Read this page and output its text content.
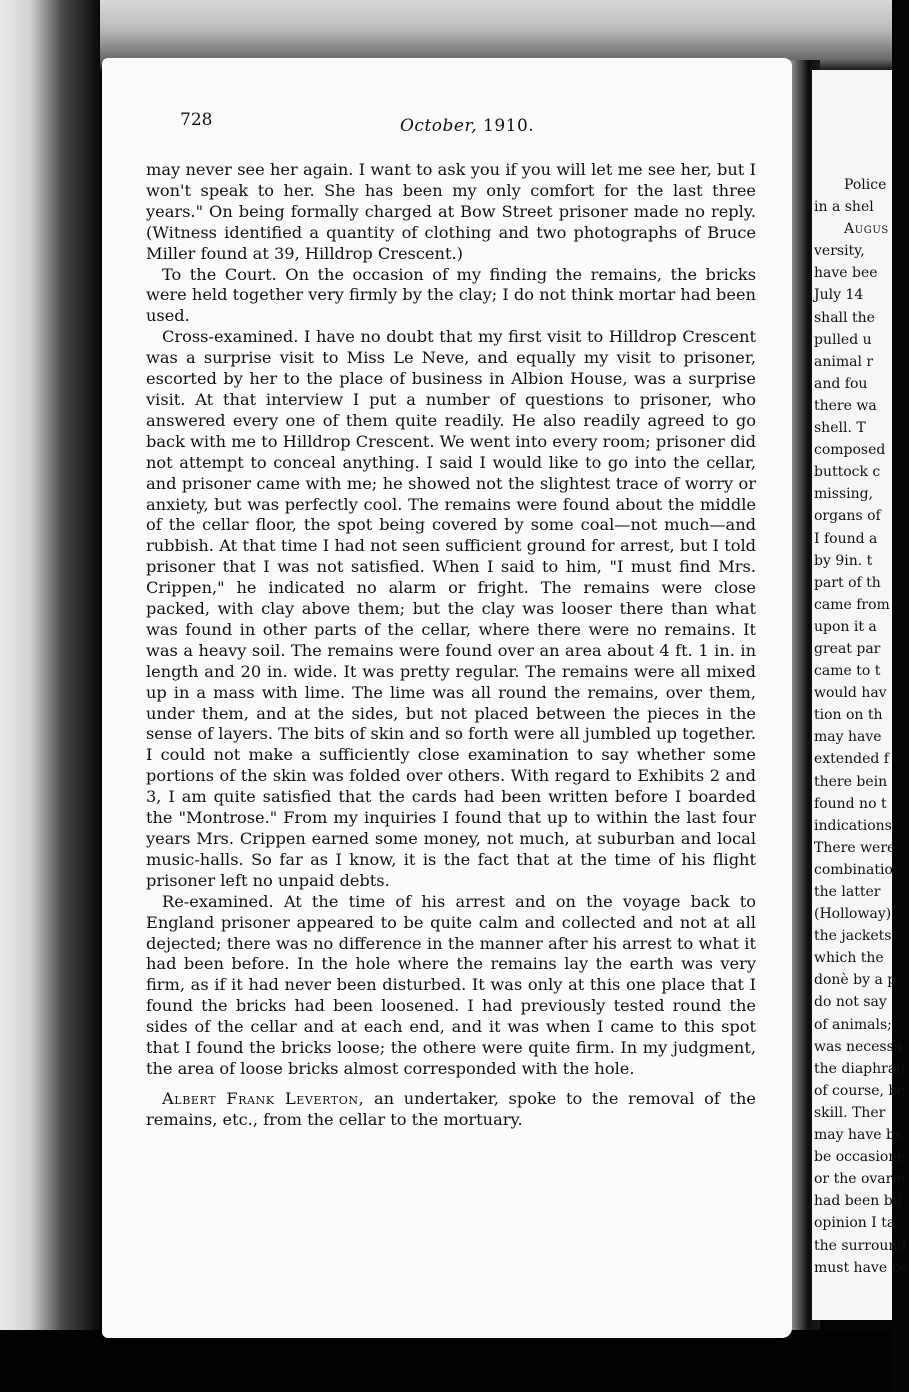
728	October, 1910.

may never see her again. I want to ask you if you will let me see her, but I won't speak to her. She has been my only comfort for the last three years." On being formally charged at Bow Street prisoner made no reply. (Witness identified a quantity of clothing and two photographs of Bruce Miller found at 39, Hilldrop Crescent.)

To the Court. On the occasion of my finding the remains, the bricks were held together very firmly by the clay; I do not think mortar had been used.

Cross-examined. I have no doubt that my first visit to Hilldrop Crescent was a surprise visit to Miss Le Neve, and equally my visit to prisoner, escorted by her to the place of business in Albion House, was a surprise visit. At that interview I put a number of questions to prisoner, who answered every one of them quite readily. He also readily agreed to go back with me to Hilldrop Crescent. We went into every room; prisoner did not attempt to conceal anything. I said I would like to go into the cellar, and prisoner came with me; he showed not the slightest trace of worry or anxiety, but was perfectly cool. The remains were found about the middle of the cellar floor, the spot being covered by some coal—not much—and rubbish. At that time I had not seen sufficient ground for arrest, but I told prisoner that I was not satisfied. When I said to him, "I must find Mrs. Crippen," he indicated no alarm or fright. The remains were close packed, with clay above them; but the clay was looser there than what was found in other parts of the cellar, where there were no remains. It was a heavy soil. The remains were found over an area about 4 ft. 1 in. in length and 20 in. wide. It was pretty regular. The remains were all mixed up in a mass with lime. The lime was all round the remains, over them, under them, and at the sides, but not placed between the pieces in the sense of layers. The bits of skin and so forth were all jumbled up together. I could not make a sufficiently close examination to say whether some portions of the skin was folded over others. With regard to Exhibits 2 and 3, I am quite satisfied that the cards had been written before I boarded the "Montrose." From my inquiries I found that up to within the last four years Mrs. Crippen earned some money, not much, at suburban and local music-halls. So far as I know, it is the fact that at the time of his flight prisoner left no unpaid debts.

Re-examined. At the time of his arrest and on the voyage back to England prisoner appeared to be quite calm and collected and not at all dejected; there was no difference in the manner after his arrest to what it had been before. In the hole where the remains lay the earth was very firm, as if it had never been disturbed. It was only at this one place that I found the bricks had been loosened. I had previously tested round the sides of the cellar and at each end, and it was when I came to this spot that I found the bricks loose; the othere were quite firm. In my judgment, the area of loose bricks almost corresponded with the hole.

Albert Frank Leverton, an undertaker, spoke to the removal of the remains, etc., from the cellar to the mortuary.

Police
in a shel
Augus
versity,
have bee
July 14
shall the
pulled u
animal r
and fou
there wa
shell. T
composed
buttock c
missing,
organs of
I found a
by 9in. t
part of th
came from
upon it a
great par
came to t
would hav
tion on th
may have
extended f
there bein
found no t
indications
There were
combinatio
the latter
(Holloway),
the jackets
which the
donè by a p
do not say
of animals;
was necessa
the diaphrag
of course, be
skill. Ther
may have be
be occasione
or the ovarie
had been bu
opinion I ta
the surround
must have be
